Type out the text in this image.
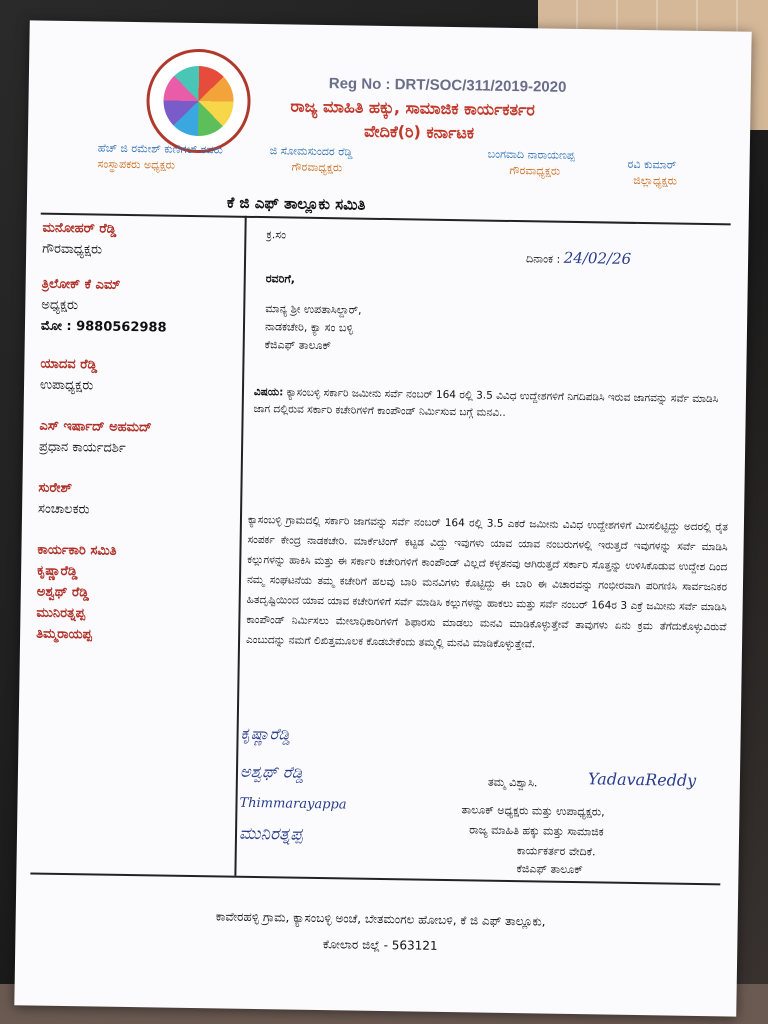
Reg No : DRT/SOC/311/2019-2020
ರಾಜ್ಯ ಮಾಹಿತಿ ಹಕ್ಕು, ಸಾಮಾಜಿಕ ಕಾರ್ಯಕರ್ತರ
ವೇದಿಕೆ(ರಿ) ಕರ್ನಾಟಕ
ಹೆಚ್ ಜಿ ರಮೇಶ್ ಕುಣಿಗಲ್ ರವರು
ಸಂಸ್ಥಾಪಕರು ಅಧ್ಯಕ್ಷರು
ಜಿ ಸೋಮಸುಂದರ ರೆಡ್ಡಿ
ಗೌರವಾಧ್ಯಕ್ಷರು
ಬಂಗವಾದಿ ನಾರಾಯಣಪ್ಪ
ಗೌರವಾಧ್ಯಕ್ಷರು	ರವಿ ಕುಮಾರ್
ಜಿಲ್ಲಾಧ್ಯಕ್ಷರು
ಕೆ ಜಿ ಎಫ್ ತಾಲ್ಲೂಕು ಸಮಿತಿ
ಮನೋಹರ್ ರೆಡ್ಡಿ
ಗೌರವಾಧ್ಯಕ್ಷರು
ತ್ರಿಲೋಕ್ ಕೆ ಎಮ್
ಅಧ್ಯಕ್ಷರು
ಮೋ : 9880562988
ಯಾದವ ರೆಡ್ಡಿ
ಉಪಾಧ್ಯಕ್ಷರು
ಎಸ್ ಇರ್ಷಾದ್ ಅಹಮದ್
ಪ್ರಧಾನ ಕಾರ್ಯದರ್ಶಿ
ಸುರೇಶ್
ಸಂಚಾಲಕರು
ಕಾರ್ಯಕಾರಿ ಸಮಿತಿ
ಕೃಷ್ಣಾರೆಡ್ಡಿ
ಅಶ್ವಥ್ ರೆಡ್ಡಿ
ಮುನಿರತ್ನಪ್ಪ
ತಿಮ್ಮರಾಯಪ್ಪ
ಕ್ರ.ಸಂ
ದಿನಾಂಕ : 24/02/26
ರವರಿಗೆ,
ಮಾನ್ಯ ಶ್ರೀ ಉಪತಾಸಿಲ್ದಾರ್,
ನಾಡಕಚೇರಿ, ಕ್ಯಾ ಸಂ ಬಳ್ಳಿ
ಕೆಜಿಎಫ್ ತಾಲೂಕ್
ವಿಷಯ: ಕ್ಯಾಸಂಬಳ್ಳಿ ಸರ್ಕಾರಿ ಜಮೀನು ಸರ್ವೆ ನಂಬರ್ 164 ರಲ್ಲಿ 3.5 ವಿವಿಧ ಉದ್ದೇಶಗಳಿಗೆ ನಿಗದಿಪಡಿಸಿ ಇರುವ ಜಾಗವನ್ನು ಸರ್ವೆ ಮಾಡಿಸಿ ಜಾಗ ದಲ್ಲಿರುವ ಸರ್ಕಾರಿ ಕಚೇರಿಗಳಿಗೆ ಕಾಂಪೌಂಡ್ ನಿರ್ಮಿಸುವ ಬಗ್ಗೆ ಮನವಿ..
ಕ್ಯಾಸಂಬಳ್ಳಿ ಗ್ರಾಮದಲ್ಲಿ ಸರ್ಕಾರಿ ಜಾಗವನ್ನು ಸರ್ವೆ ನಂಬರ್ 164 ರಲ್ಲಿ 3.5 ಎಕರೆ ಜಮೀನು ವಿವಿಧ ಉದ್ದೇಶಗಳಿಗೆ ಮೀಸಲಿಟ್ಟಿದ್ದು ಅದರಲ್ಲಿ ರೈತ ಸಂಪರ್ಕ ಕೇಂದ್ರ ನಾಡಕಚೇರಿ. ಮಾರ್ಕೆಟಿಂಗ್ ಕಟ್ಟಡ ವಿದ್ದು ಇವುಗಳು ಯಾವ ಯಾವ ನಂಬರುಗಳಲ್ಲಿ ಇರುತ್ತದೆ ಇವುಗಳನ್ನು ಸರ್ವೆ ಮಾಡಿಸಿ ಕಲ್ಲುಗಳನ್ನು ಹಾಕಿಸಿ ಮತ್ತು ಈ ಸರ್ಕಾರಿ ಕಚೇರಿಗಳಿಗೆ ಕಾಂಪೌಂಡ್ ವಿಲ್ಲದೆ ಕಳ್ಳತನವು ಆಗಿರುತ್ತದೆ ಸರ್ಕಾರಿ ಸೊತ್ತನ್ನು ಉಳಿಸಿಕೊಡುವ ಉದ್ದೇಶ ದಿಂದ ನಮ್ಮ ಸಂಘಟನೆಯ ತಮ್ಮ ಕಚೇರಿಗೆ ಹಲವು ಬಾರಿ ಮನವಿಗಳು ಕೊಟ್ಟಿದ್ದು ಈ ಬಾರಿ ಈ ವಿಚಾರವನ್ನು ಗಂಭೀರವಾಗಿ ಪರಿಗಣಿಸಿ ಸಾರ್ವಜನಿಕರ ಹಿತದೃಷ್ಟಿಯಿಂದ ಯಾವ ಯಾವ ಕಚೇರಿಗಳಿಗೆ ಸರ್ವೆ ಮಾಡಿಸಿ ಕಲ್ಲುಗಳನ್ನು ಹಾಕಲು ಮತ್ತು ಸರ್ವೆ ನಂಬರ್ 164ರ 3 ಎಕ್ರೆ ಜಮೀನು ಸರ್ವೆ ಮಾಡಿಸಿ ಕಾಂಪೌಂಡ್ ನಿರ್ಮಿಸಲು ಮೇಲಾಧಿಕಾರಿಗಳಿಗೆ ಶಿಫಾರಸು ಮಾಡಲು ಮನವಿ ಮಾಡಿಕೊಳ್ಳುತ್ತೇವೆ ತಾವುಗಳು ಏನು ಕ್ರಮ ತೆಗೆದುಕೊಳ್ಳುವಿರುವೆ ಎಂಬುದನ್ನು ನಮಗೆ ಲಿಖಿತ್ತಮೂಲಕ ಕೊಡಬೇಕೆಂದು ತಮ್ಮಲ್ಲಿ ಮನವಿ ಮಾಡಿಕೊಳ್ಳುತ್ತೇವೆ.
ಕೃಷ್ಣಾರೆಡ್ಡಿ
ಅಶ್ವಥ್ ರೆಡ್ಡಿ
Thimmarayappa
ಮುನಿರತ್ನಪ್ಪ
YadavaReddy
ತಮ್ಮ ವಿಶ್ವಾಸಿ.
ತಾಲೂಕ್ ಅಧ್ಯಕ್ಷರು ಮತ್ತು ಉಪಾಧ್ಯಕ್ಷರು,
ರಾಜ್ಯ ಮಾಹಿತಿ ಹಕ್ಕು ಮತ್ತು ಸಾಮಾಜಿಕ
ಕಾರ್ಯಕರ್ತರ ವೇದಿಕೆ.
ಕೆಜಿಎಫ್ ತಾಲೂಕ್
ಕಾವೇರಹಳ್ಳಿ ಗ್ರಾಮ, ಕ್ಯಾಸಂಬಳ್ಳಿ ಅಂಚೆ, ಬೇತಮಂಗಲ ಹೋಬಳಿ, ಕೆ ಜಿ ಎಫ್ ತಾಲ್ಲೂಕು,
ಕೋಲಾರ ಜಿಲ್ಲೆ - 563121
